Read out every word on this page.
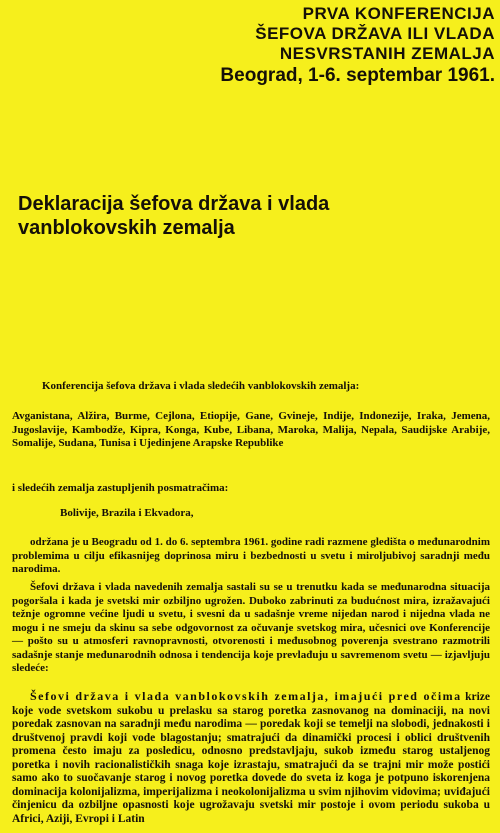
PRVA KONFERENCIJA
ŠEFOVA DRŽAVA ILI VLADA
NESVRSTANIH ZEMALJA
Beograd, 1-6. septembar 1961.
Deklaracija šefova država i vlada
vanblokovskih zemalja
Konferencija šefova država i vlada sledećih vanblokovskih zemalja:
Avganistana, Alžira, Burme, Cejlona, Etiopije, Gane, Gvineje, Indije, Indonezije, Iraka, Jemena, Jugoslavije, Kambodže, Kipra, Konga, Kube, Libana, Maroka, Malija, Nepala, Saudijske Arabije, Somalije, Sudana, Tunisa i Ujedinjene Arapske Republike
i sledećih zemalja zastupljenih posmatračima:
Bolivije, Brazila i Ekvadora,
održana je u Beogradu od 1. do 6. septembra 1961. godine radi razmene gledišta o međunarodnim problemima u cilju efikasnijeg doprinosa miru i bezbednosti u svetu i miroljubivoj saradnji među narodima.
Šefovi država i vlada navedenih zemalja sastali su se u trenutku kada se međunarodna situacija pogoršala i kada je svetski mir ozbiljno ugrožen. Duboko zabrinuti za budućnost mira, izražavajući težnje ogromne većine ljudi u svetu, i svesni da u sadašnje vreme nijedan narod i nijedna vlada ne mogu i ne smeju da skinu sa sebe odgovornost za očuvanje svetskog mira, učesnici ove Konferencije — pošto su u atmosferi ravnopravnosti, otvorenosti i međusobnog poverenja svestrano razmotrili sadašnje stanje međunarodnih odnosa i tendencija koje prevlađuju u savremenom svetu — izjavljuju sledeće:
Šefovi država i vlada vanblokovskih zemalja, imajući pred očima krize koje vode svetskom sukobu u prelasku sa starog poretka zasnovanog na dominaciji, na novi poredak zasnovan na saradnji među narodima — poredak koji se temelji na slobodi, jednakosti i društvenoj pravdi koji vode blagostanju; smatrajući da dinamički procesi i oblici društvenih promena često imaju za posledicu, odnosno predstavljaju, sukob između starog ustaljenog poretka i novih racionalističkih snaga koje izrastaju, smatrajući da se trajni mir može postići samo ako to suočavanje starog i novog poretka dovede do sveta iz koga je potpuno iskorenjena dominacija kolonijalizma, imperijalizma i neokolonijalizma u svim njihovim vidovima; uviđajući činjenicu da ozbiljne opasnosti koje ugrožavaju svetski mir postoje i ovom periodu sukoba u Africi, Aziji, Evropi i Latin
